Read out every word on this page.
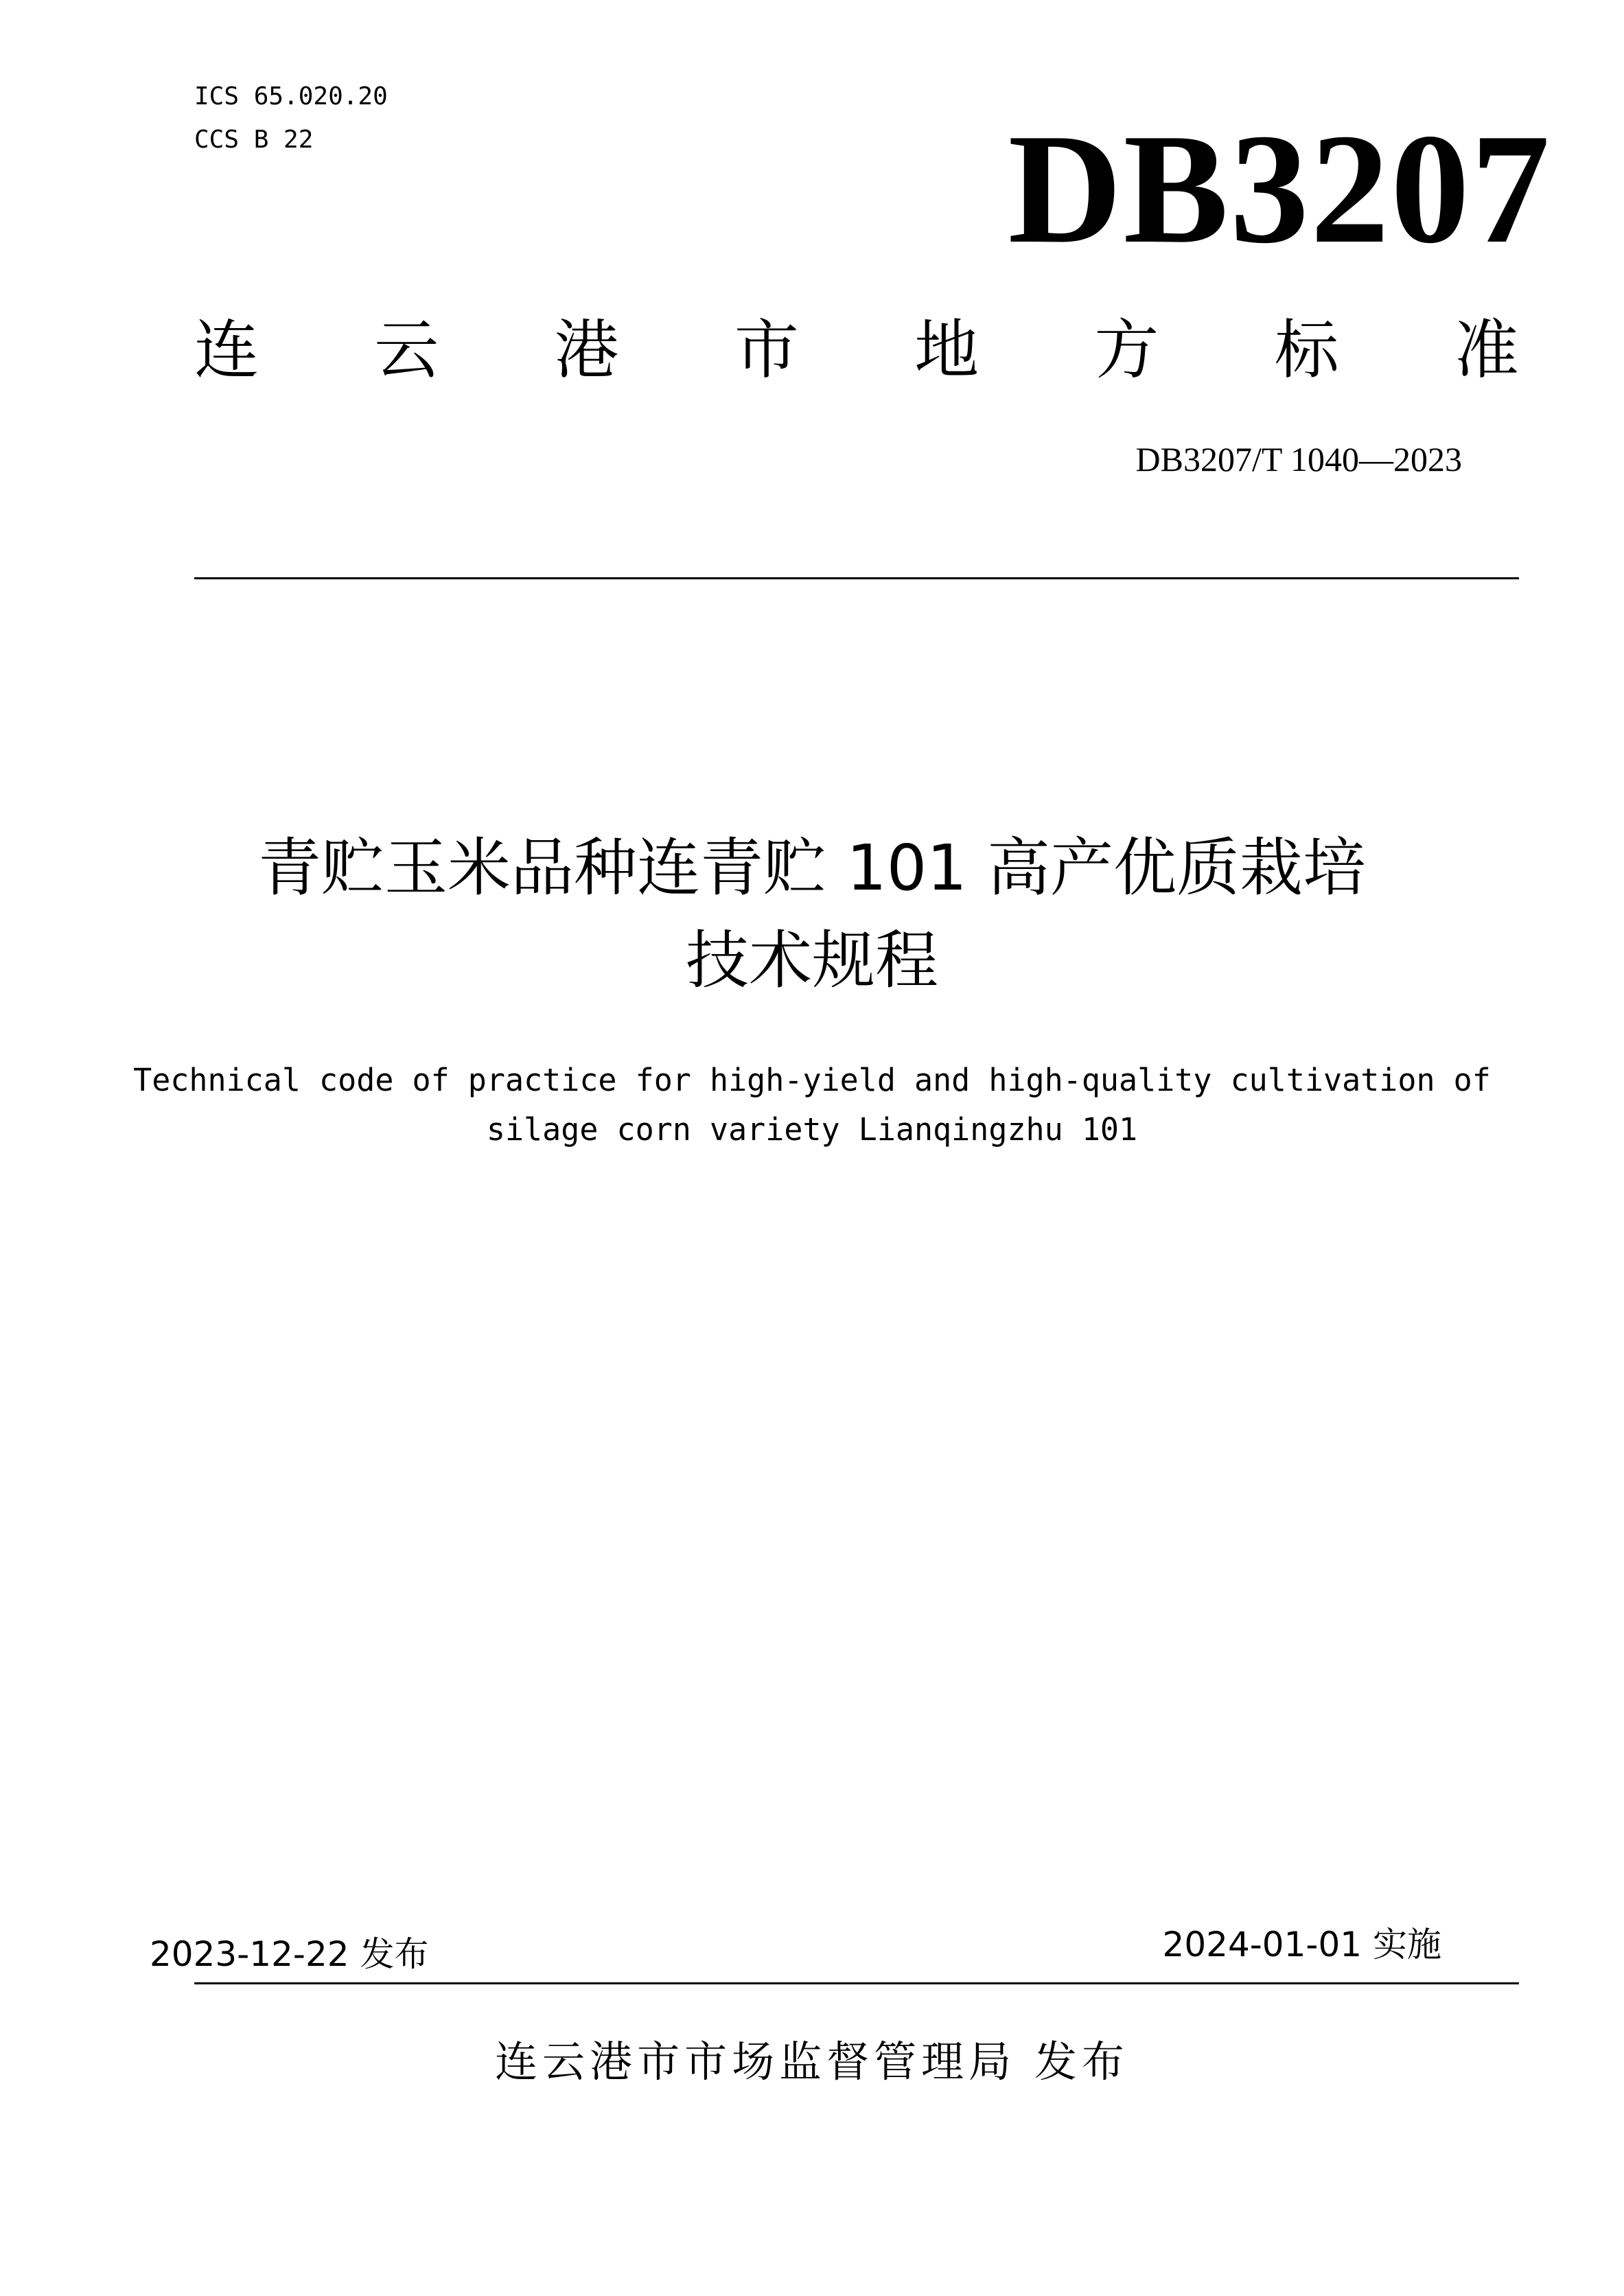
ICS 65.020.20

CCS B 22	DB3207

连 云 港 市 地 方 标 准

DB3207/T 1040—2023

青贮玉米品种连青贮 101 高产优质栽培

技术规程

Technical code of practice for high-yield and high-quality cultivation of

silage corn variety Lianqingzhu 101

2023-12-22 发布	2024-01-01 实施

连云港市市场监督管理局 发布
